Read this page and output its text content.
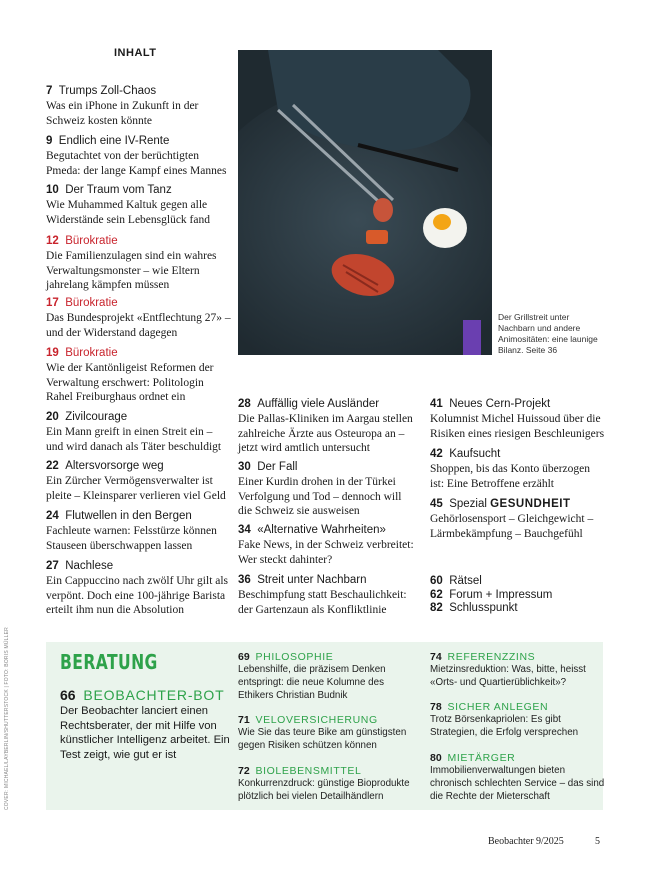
INHALT
7 Trumps Zoll-Chaos
Was ein iPhone in Zukunft in der Schweiz kosten könnte
9 Endlich eine IV-Rente
Begutachtet von der berüchtigten Pmeda: der lange Kampf eines Mannes
10 Der Traum vom Tanz
Wie Muhammed Kaltuk gegen alle Widerstände sein Lebensglück fand
12 Bürokratie
Die Familienzulagen sind ein wahres Verwaltungsmonster – wie Eltern jahrelang kämpfen müssen
17 Bürokratie
Das Bundesprojekt «Entflechtung 27» – und der Widerstand dagegen
19 Bürokratie
Wie der Kantönligeist Reformen der Verwaltung erschwert: Politologin Rahel Freiburghaus ordnet ein
20 Zivilcourage
Ein Mann greift in einen Streit ein – und wird danach als Täter beschuldigt
22 Altersvorsorge weg
Ein Zürcher Vermögensverwalter ist pleite – Kleinsparer verlieren viel Geld
24 Flutwellen in den Bergen
Fachleute warnen: Felsstürze können Stauseen überschwappen lassen
27 Nachlese
Ein Cappuccino nach zwölf Uhr gilt als verpönt. Doch eine 100-jährige Barista erteilt ihm nun die Absolution
Der Grillstreit unter Nachbarn und andere Animositäten: eine launige Bilanz. Seite 36
28 Auffällig viele Ausländer
Die Pallas-Kliniken im Aargau stellen zahlreiche Ärzte aus Osteuropa an – jetzt wird amtlich untersucht
30 Der Fall
Einer Kurdin drohen in der Türkei Verfolgung und Tod – dennoch will die Schweiz sie ausweisen
34 «Alternative Wahrheiten»
Fake News, in der Schweiz verbreitet: Wer steckt dahinter?
36 Streit unter Nachbarn
Beschimpfung statt Beschaulichkeit: der Gartenzaun als Konfliktlinie
41 Neues Cern-Projekt
Kolumnist Michel Huissoud über die Risiken eines riesigen Beschleunigers
42 Kaufsucht
Shoppen, bis das Konto überzogen ist: Eine Betroffene erzählt
45 Spezial GESUNDHEIT
Gehörlosensport – Gleichgewicht – Lärmbekämpfung – Bauchgefühl
60 Rätsel
62 Forum + Impressum
82 Schlusspunkt
BERATUNG
66 BEOBACHTER-BOT
Der Beobachter lanciert einen Rechtsberater, der mit Hilfe von künstlicher Intelligenz arbeitet. Ein Test zeigt, wie gut er ist
69 PHILOSOPHIE
Lebenshilfe, die präzisem Denken entspringt: die neue Kolumne des Ethikers Christian Budnik
71 VELOVERSICHERUNG
Wie Sie das teure Bike am günstigsten gegen Risiken schützen können
72 BIOLEBENSMITTEL
Konkurrenzdruck: günstige Bioprodukte plötzlich bei vielen Detailhändlern
74 REFERENZZINS
Mietzinsreduktion: Was, bitte, heisst «Orts- und Quartierüblichkeit»?
78 SICHER ANLEGEN
Trotz Börsenkapriolen: Es gibt Strategien, die Erfolg versprechen
80 MIETÄRGER
Immobilienverwaltungen bieten chronisch schlechten Service – das sind die Rechte der Mieterschaft
COVER: MICHAEL/LAYBERLIN/SHUTTERSTOCK | FOTO: BORIS MÜLLER
Beobachter 9/2025	5
